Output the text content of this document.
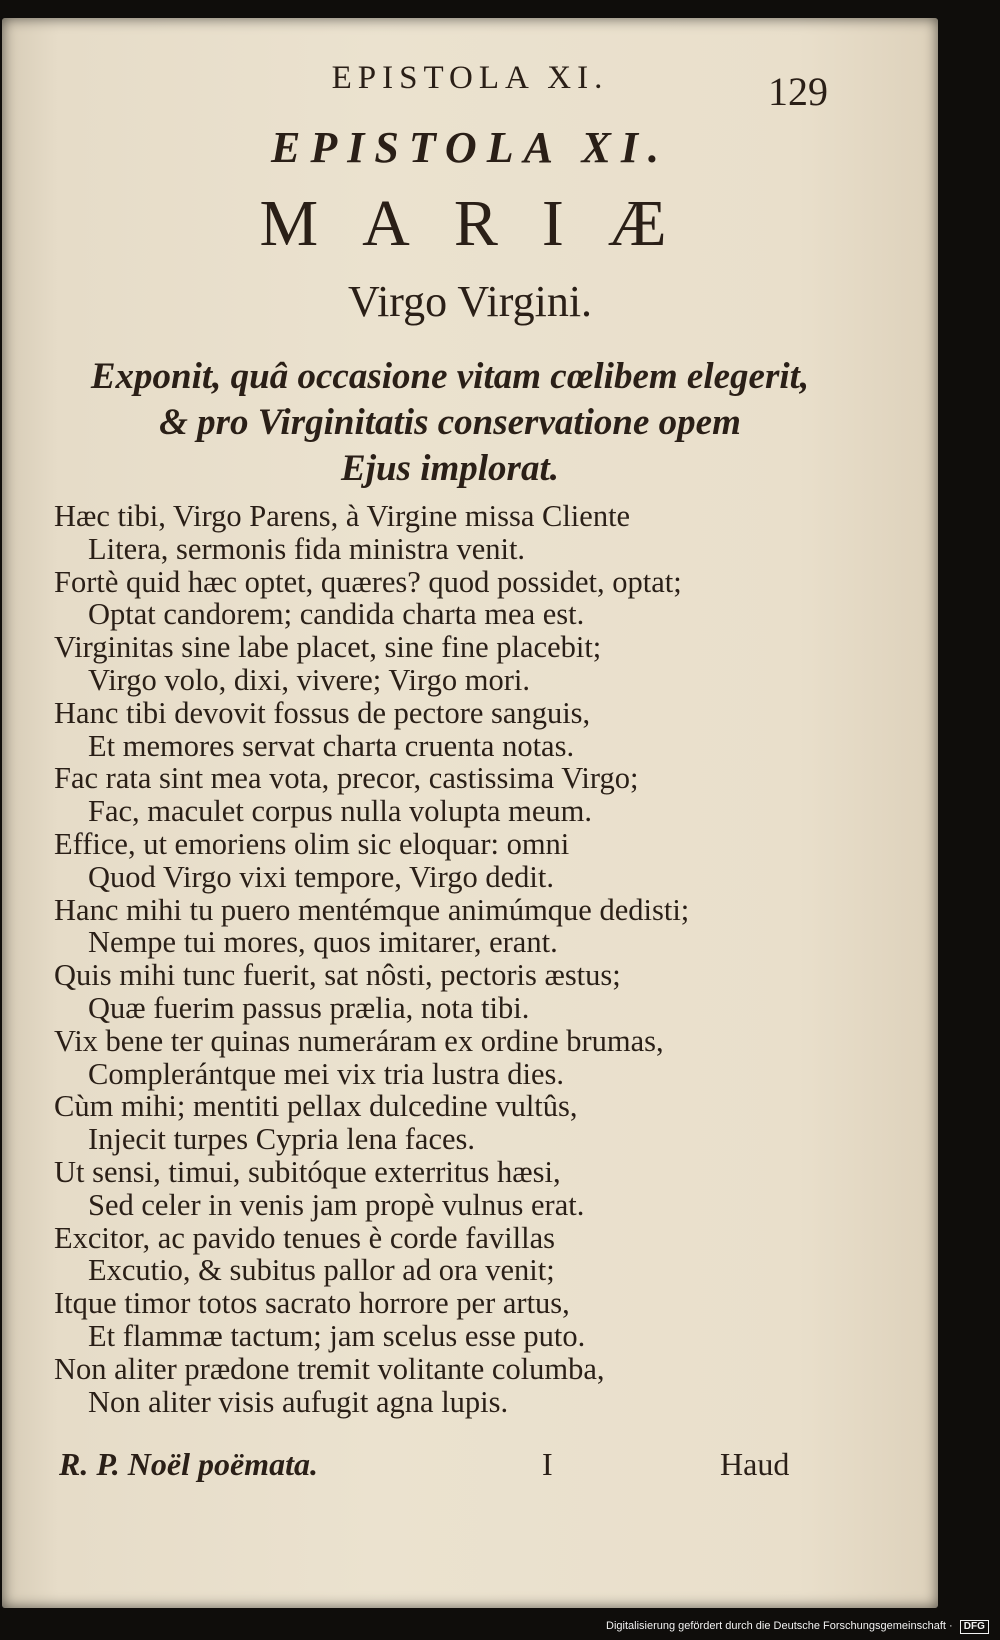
EPISTOLA XI.	129
EPISTOLA XI.
MARIÆ
Virgo Virgini.
Exponit, quâ occasione vitam cœlibem elegerit,
& pro Virginitatis conservatione opem
Ejus implorat.
Hæc tibi, Virgo Parens, à Virgine missa Cliente
Litera, sermonis fida ministra venit.
Fortè quid hæc optet, quæres? quod possidet, optat;
Optat candorem; candida charta mea est.
Virginitas sine labe placet, sine fine placebit;
Virgo volo, dixi, vivere; Virgo mori.
Hanc tibi devovit fossus de pectore sanguis,
Et memores servat charta cruenta notas.
Fac rata sint mea vota, precor, castissima Virgo;
Fac, maculet corpus nulla volupta meum.
Effice, ut emoriens olim sic eloquar: omni
Quod Virgo vixi tempore, Virgo dedit.
Hanc mihi tu puero mentémque animúmque dedisti;
Nempe tui mores, quos imitarer, erant.
Quis mihi tunc fuerit, sat nôsti, pectoris æstus;
Quæ fuerim passus prælia, nota tibi.
Vix bene ter quinas numeráram ex ordine brumas,
Complerántque mei vix tria lustra dies.
Cùm mihi; mentiti pellax dulcedine vultûs,
Injecit turpes Cypria lena faces.
Ut sensi, timui, subitóque exterritus hæsi,
Sed celer in venis jam propè vulnus erat.
Excitor, ac pavido tenues è corde favillas
Excutio, & subitus pallor ad ora venit;
Itque timor totos sacrato horrore per artus,
Et flammæ tactum; jam scelus esse puto.
Non aliter prædone tremit volitante columba,
Non aliter visis aufugit agna lupis.
R. P. Noël poëmata.	I	Haud
Digitalisierung gefördert durch die Deutsche Forschungsgemeinschaft · DFG
